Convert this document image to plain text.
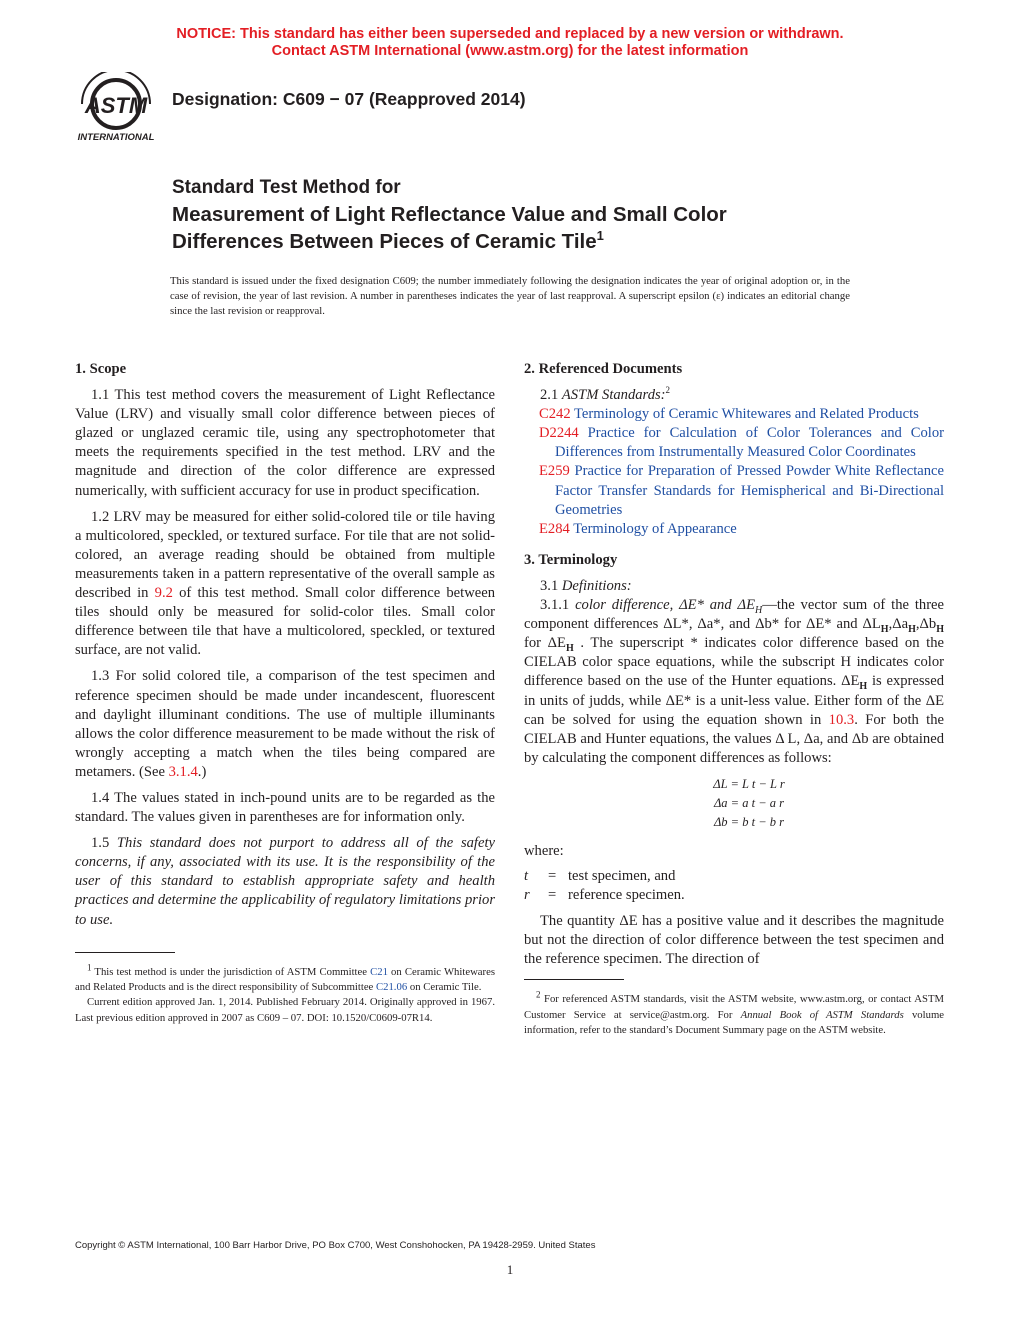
NOTICE: This standard has either been superseded and replaced by a new version or withdrawn.
Contact ASTM International (www.astm.org) for the latest information
ASTM
INTERNATIONAL
Designation: C609 − 07 (Reapproved 2014)
Standard Test Method for
Measurement of Light Reflectance Value and Small Color
Differences Between Pieces of Ceramic Tile$^1$
This standard is issued under the fixed designation C609; the number immediately following the designation indicates the year of original adoption or, in the case of revision, the year of last revision. A number in parentheses indicates the year of last reapproval. A superscript epsilon (ε) indicates an editorial change since the last revision or reapproval.
1. Scope
1.1 This test method covers the measurement of Light Reflectance Value (LRV) and visually small color difference between pieces of glazed or unglazed ceramic tile, using any spectrophotometer that meets the requirements specified in the test method. LRV and the magnitude and direction of the color difference are expressed numerically, with sufficient accuracy for use in product specification.
1.2 LRV may be measured for either solid-colored tile or tile having a multicolored, speckled, or textured surface. For tile that are not solid-colored, an average reading should be obtained from multiple measurements taken in a pattern representative of the overall sample as described in 9.2 of this test method. Small color difference between tiles should only be measured for solid-color tiles. Small color difference between tile that have a multicolored, speckled, or textured surface, are not valid.
1.3 For solid colored tile, a comparison of the test specimen and reference specimen should be made under incandescent, fluorescent and daylight illuminant conditions. The use of multiple illuminants allows the color difference measurement to be made without the risk of wrongly accepting a match when the tiles being compared are metamers. (See 3.1.4.)
1.4 The values stated in inch-pound units are to be regarded as the standard. The values given in parentheses are for information only.
1.5 This standard does not purport to address all of the safety concerns, if any, associated with its use. It is the responsibility of the user of this standard to establish appropriate safety and health practices and determine the applicability of regulatory limitations prior to use.

$^1$ This test method is under the jurisdiction of ASTM Committee C21 on Ceramic Whitewares and Related Products and is the direct responsibility of Subcommittee C21.06 on Ceramic Tile.

Current edition approved Jan. 1, 2014. Published February 2014. Originally approved in 1967. Last previous edition approved in 2007 as C609 – 07. DOI: 10.1520/C0609-07R14.

2. Referenced Documents
2.1 ASTM Standards:$^2$
C242 Terminology of Ceramic Whitewares and Related Products
D2244 Practice for Calculation of Color Tolerances and Color Differences from Instrumentally Measured Color Coordinates
E259 Practice for Preparation of Pressed Powder White Reflectance Factor Transfer Standards for Hemispherical and Bi-Directional Geometries
E284 Terminology of Appearance
3. Terminology
3.1 Definitions:
3.1.1 color difference, ΔE* and $\Delta E_H—the$ vector sum of the three component differences ΔL*, Δa*, and Δb* for ΔE* and $\Delta L_H,\Delta a_H,\Delta b_H$ for $\Delta E_H$ . The superscript * indicates color difference based on the CIELAB color space equations, while the subscript H indicates color difference based on the use of the Hunter equations. $\Delta E_H$ is expressed in units of judds, while ΔE* is a unit-less value. Either form of the ΔE can be solved for using the equation shown in 10.3. For both the CIELAB and Hunter equations, the values Δ L, Δa, and Δb are obtained by calculating the component differences as follows:
ΔL = L t − L r
Δa = a t − a r
Δb = b t − b r
where:
t	= test specimen, and
r	= reference specimen.
The quantity ΔE has a positive value and it describes the magnitude but not the direction of color difference between the test specimen and the reference specimen. The direction of

$^2$ For referenced ASTM standards, visit the ASTM website, www.astm.org, or contact ASTM Customer Service at service@astm.org. For Annual Book of ASTM Standards volume information, refer to the standard’s Document Summary page on the ASTM website.

Copyright © ASTM International, 100 Barr Harbor Drive, PO Box C700, West Conshohocken, PA 19428-2959. United States
1
